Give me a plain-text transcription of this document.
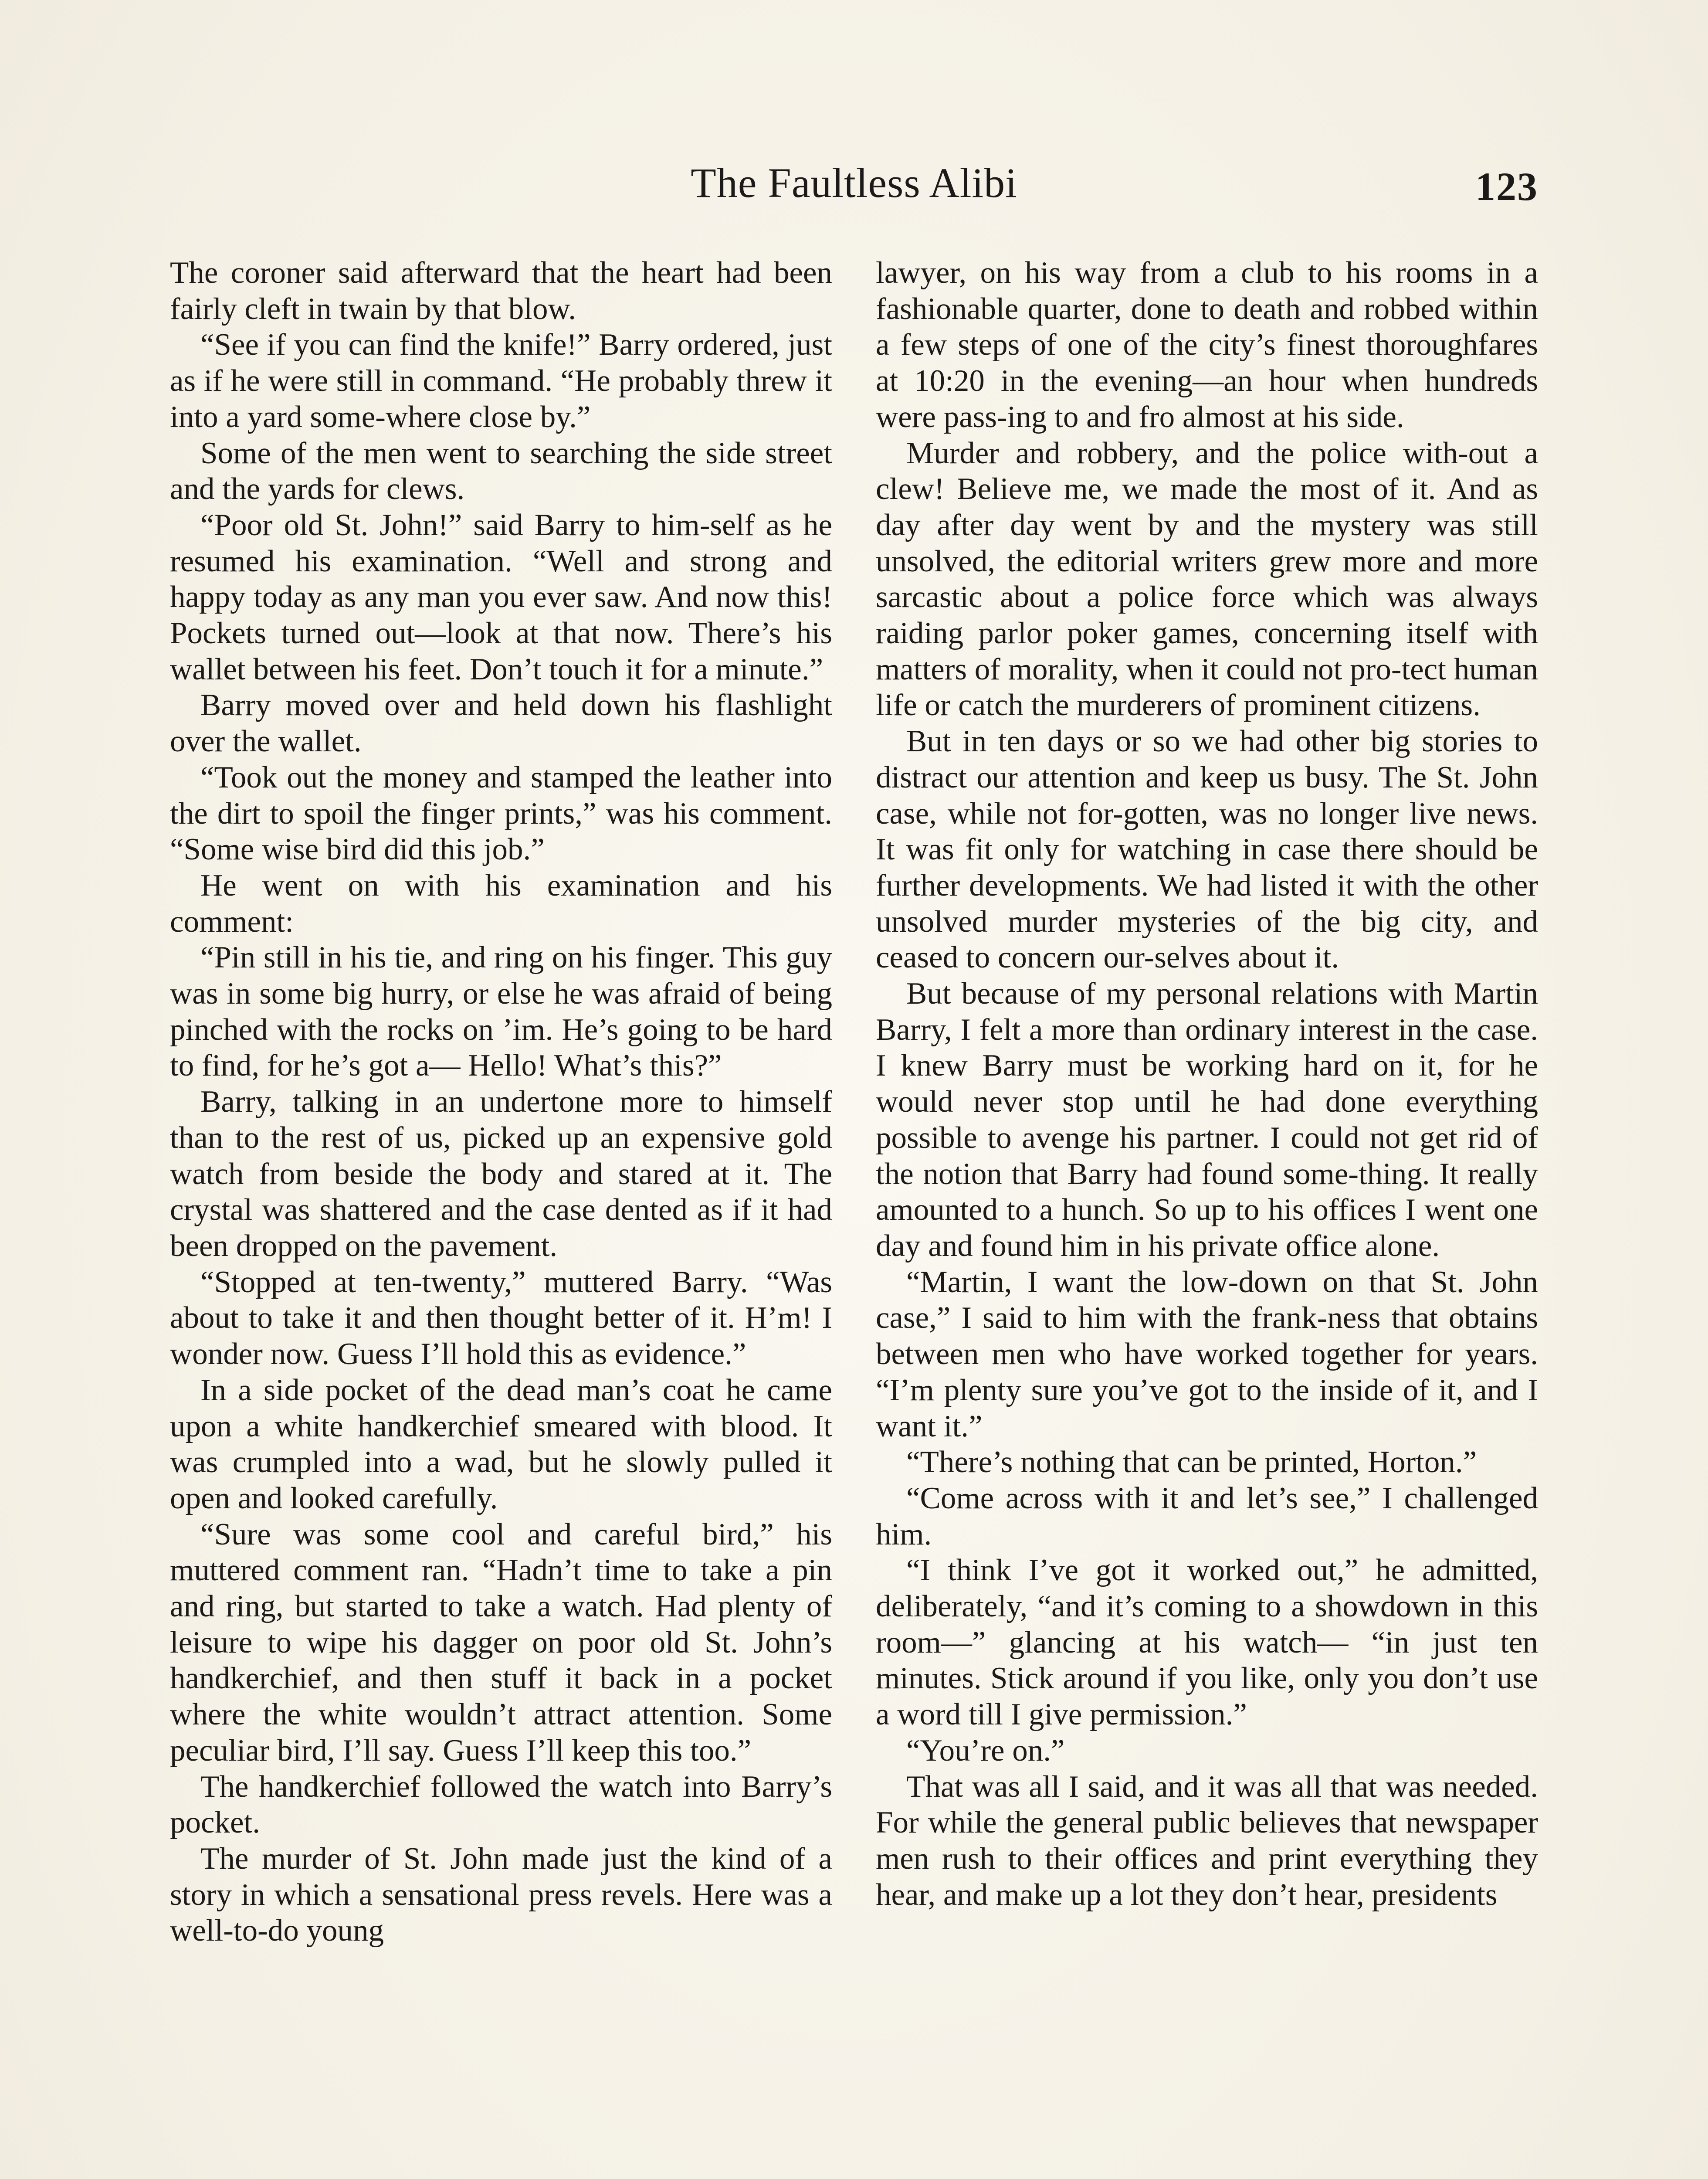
The Faultless Alibi	123

The coroner said afterward that the heart had been fairly cleft in twain by that blow.

“See if you can find the knife!” Barry ordered, just as if he were still in command. “He probably threw it into a yard some-where close by.”

Some of the men went to searching the side street and the yards for clews.

“Poor old St. John!” said Barry to him-self as he resumed his examination. “Well and strong and happy today as any man you ever saw. And now this! Pockets turned out—look at that now. There’s his wallet between his feet. Don’t touch it for a minute.”

Barry moved over and held down his flashlight over the wallet.

“Took out the money and stamped the leather into the dirt to spoil the finger prints,” was his comment. “Some wise bird did this job.”

He went on with his examination and his comment:

“Pin still in his tie, and ring on his finger. This guy was in some big hurry, or else he was afraid of being pinched with the rocks on ’im. He’s going to be hard to find, for he’s got a— Hello! What’s this?”

Barry, talking in an undertone more to himself than to the rest of us, picked up an expensive gold watch from beside the body and stared at it. The crystal was shattered and the case dented as if it had been dropped on the pavement.

“Stopped at ten-twenty,” muttered Barry. “Was about to take it and then thought better of it. H’m! I wonder now. Guess I’ll hold this as evidence.”

In a side pocket of the dead man’s coat he came upon a white handkerchief smeared with blood. It was crumpled into a wad, but he slowly pulled it open and looked carefully.

“Sure was some cool and careful bird,” his muttered comment ran. “Hadn’t time to take a pin and ring, but started to take a watch. Had plenty of leisure to wipe his dagger on poor old St. John’s handkerchief, and then stuff it back in a pocket where the white wouldn’t attract attention. Some peculiar bird, I’ll say. Guess I’ll keep this too.”

The handkerchief followed the watch into Barry’s pocket.

The murder of St. John made just the kind of a story in which a sensational press revels. Here was a well-to-do young

lawyer, on his way from a club to his rooms in a fashionable quarter, done to death and robbed within a few steps of one of the city’s finest thoroughfares at 10:20 in the evening—an hour when hundreds were pass-ing to and fro almost at his side.

Murder and robbery, and the police with-out a clew! Believe me, we made the most of it. And as day after day went by and the mystery was still unsolved, the editorial writers grew more and more sarcastic about a police force which was always raiding parlor poker games, concerning itself with matters of morality, when it could not pro-tect human life or catch the murderers of prominent citizens.

But in ten days or so we had other big stories to distract our attention and keep us busy. The St. John case, while not for-gotten, was no longer live news. It was fit only for watching in case there should be further developments. We had listed it with the other unsolved murder mysteries of the big city, and ceased to concern our-selves about it.

But because of my personal relations with Martin Barry, I felt a more than ordinary interest in the case. I knew Barry must be working hard on it, for he would never stop until he had done everything possible to avenge his partner. I could not get rid of the notion that Barry had found some-thing. It really amounted to a hunch. So up to his offices I went one day and found him in his private office alone.

“Martin, I want the low-down on that St. John case,” I said to him with the frank-ness that obtains between men who have worked together for years. “I’m plenty sure you’ve got to the inside of it, and I want it.”

“There’s nothing that can be printed, Horton.”

“Come across with it and let’s see,” I challenged him.

“I think I’ve got it worked out,” he admitted, deliberately, “and it’s coming to a showdown in this room—” glancing at his watch— “in just ten minutes. Stick around if you like, only you don’t use a word till I give permission.”

“You’re on.”

That was all I said, and it was all that was needed. For while the general public believes that newspaper men rush to their offices and print everything they hear, and make up a lot they don’t hear, presidents
